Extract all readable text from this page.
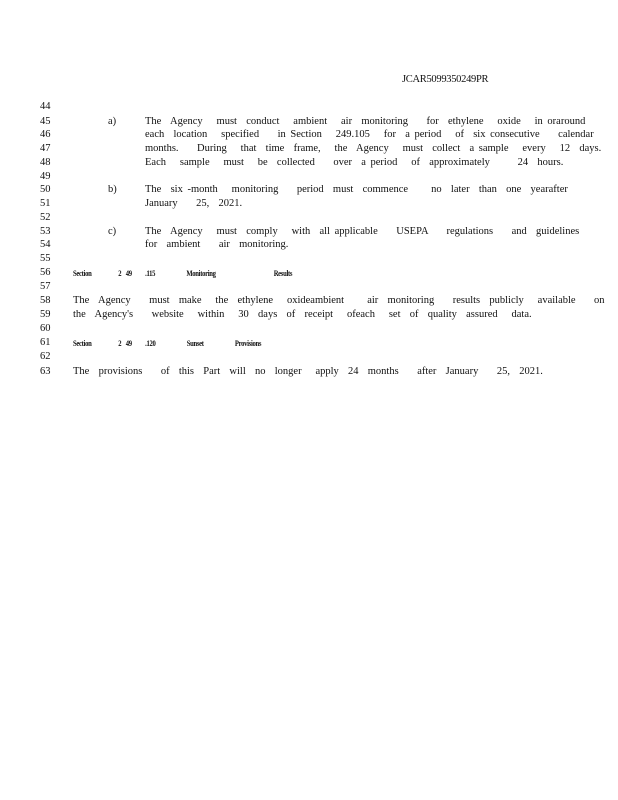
JCAR5099350249PR
44
45
46
47
48
49
50
51
52
53
54
55
56
57
58
59
60
61
62
63
a)	The  Agency   must  conduct   ambient   air  monitoring    for  ethylene   oxide   in oraround
each  location   specified    in Section   249.105   for  a period   of  six consecutive    calendar
months.    During   that  time  frame,   the  Agency   must  collect  a sample   every   12  days.
Each   sample   must   be  collected    over  a period   of  approximately      24  hours.
b)	The  six -month   monitoring    period  must  commence     no  later  than  one  yearafter
January    25,  2021.
c)	The  Agency   must  comply   with  all applicable    USEPA    regulations    and  guidelines
for  ambient    air  monitoring.
Section      2 49   .115       Monitoring             Results
The  Agency    must  make   the  ethylene   oxideambient     air  monitoring    results  publicly   available    on
the  Agency's    website   within   30  days  of  receipt   ofeach   set  of  quality  assured   data.
Section      2 49   .120       Sunset       Provisions
The  provisions    of  this  Part  will  no  longer   apply  24  months    after  January    25,  2021.
